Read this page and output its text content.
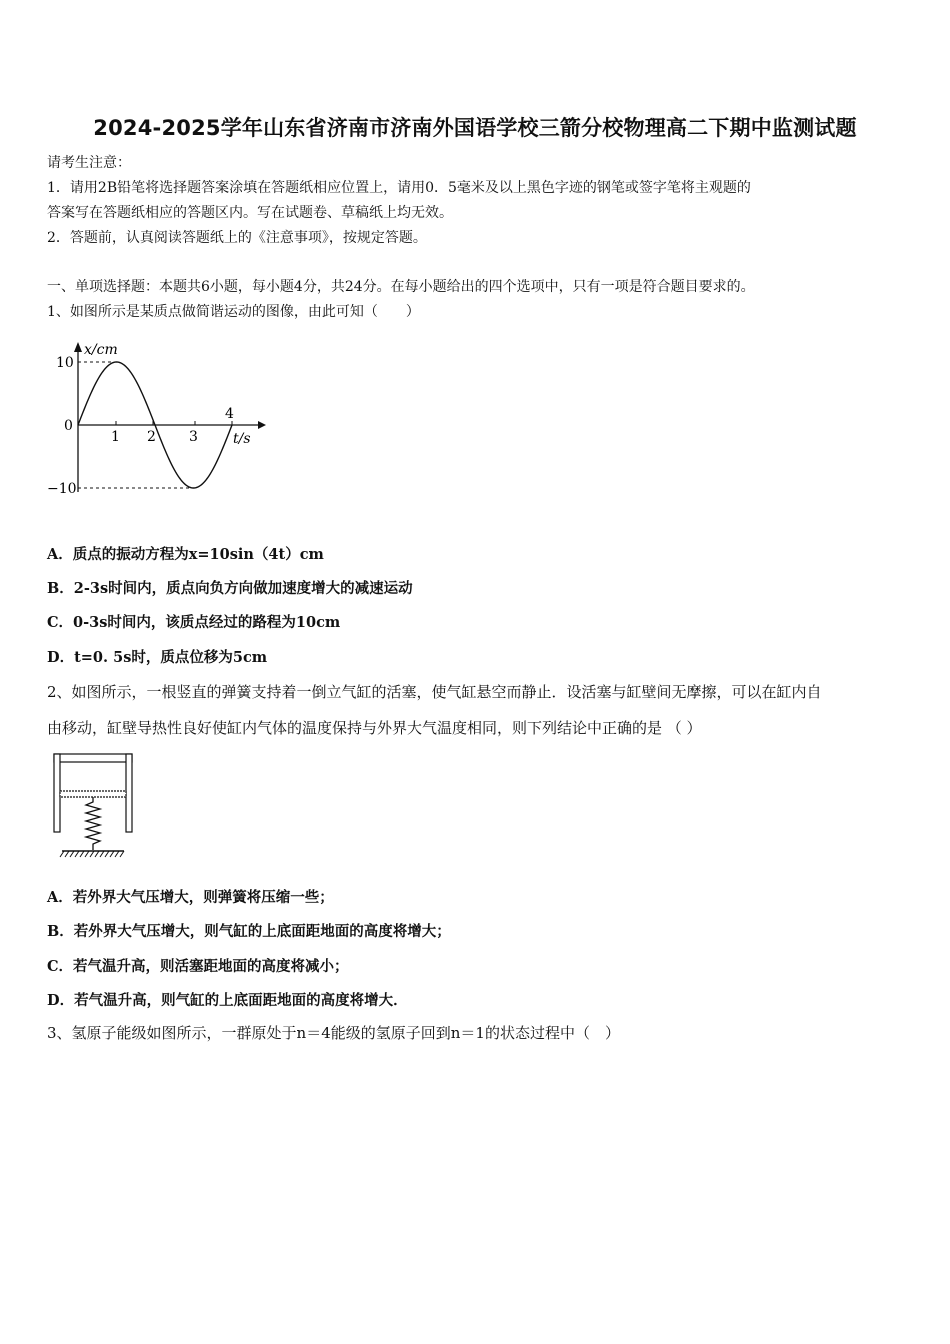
2024-2025学年山东省济南市济南外国语学校三箭分校物理高二下期中监测试题
请考生注意：
1．请用2B铅笔将选择题答案涂填在答题纸相应位置上，请用0．5毫米及以上黑色字迹的钢笔或签字笔将主观题的
答案写在答题纸相应的答题区内。写在试题卷、草稿纸上均无效。
2．答题前，认真阅读答题纸上的《注意事项》，按规定答题。
一、单项选择题：本题共6小题，每小题4分，共24分。在每小题给出的四个选项中，只有一项是符合题目要求的。
1、如图所示是某质点做简谐运动的图像，由此可知（　　）
x/cm
10
0
−10
1 2 3
4
t/s
A．质点的振动方程为x=10sin（4t）cm
B．2-3s时间内，质点向负方向做加速度增大的减速运动
C．0-3s时间内，该质点经过的路程为10cm
D．t=0. 5s时，质点位移为5cm
2、如图所示，一根竖直的弹簧支持着一倒立气缸的活塞，使气缸悬空而静止．设活塞与缸壁间无摩擦，可以在缸内自
由移动，缸壁导热性良好使缸内气体的温度保持与外界大气温度相同，则下列结论中正确的是 （ ）
A．若外界大气压增大，则弹簧将压缩一些；
B．若外界大气压增大，则气缸的上底面距地面的高度将增大；
C．若气温升高，则活塞距地面的高度将减小；
D．若气温升高，则气缸的上底面距地面的高度将增大．
3、氢原子能级如图所示，一群原处于n＝4能级的氢原子回到n＝1的状态过程中（　）
